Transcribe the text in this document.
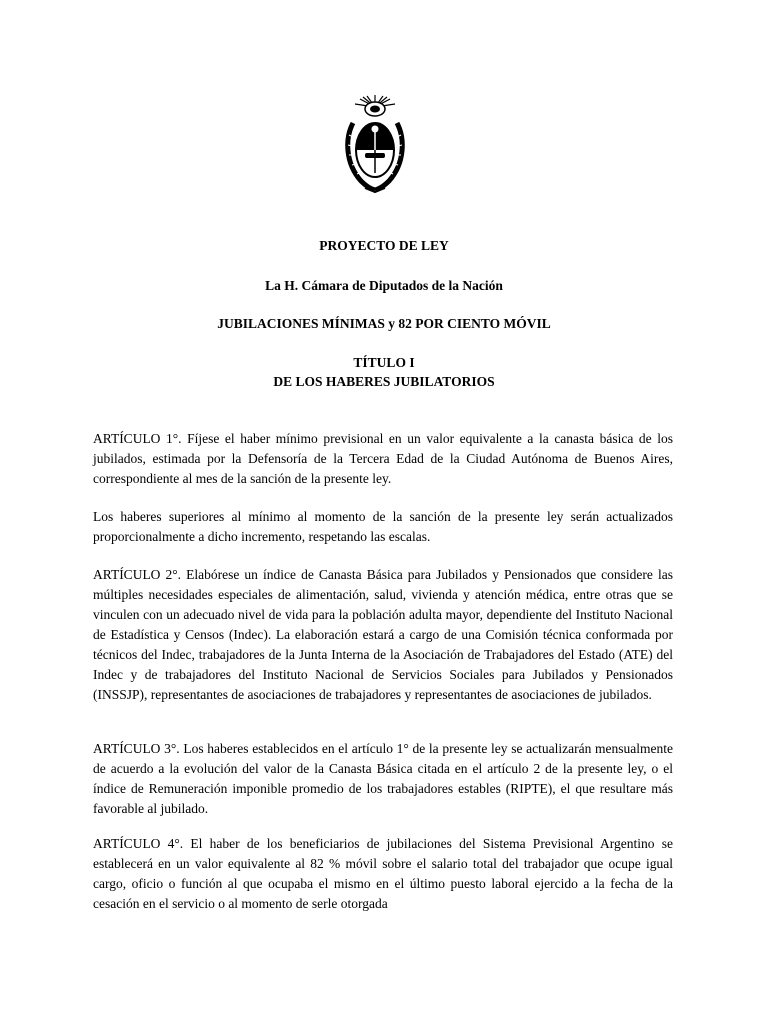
PROYECTO DE LEY

La H. Cámara de Diputados de la Nación

JUBILACIONES MÍNIMAS y 82 POR CIENTO MÓVIL

TÍTULO I

DE LOS HABERES JUBILATORIOS

ARTÍCULO 1°. Fíjese el haber mínimo previsional en un valor equivalente a la canasta básica de los jubilados, estimada por la Defensoría de la Tercera Edad de la Ciudad Autónoma de Buenos Aires, correspondiente al mes de la sanción de la presente ley.

Los haberes superiores al mínimo al momento de la sanción de la presente ley serán actualizados proporcionalmente a dicho incremento, respetando las escalas.

ARTÍCULO 2°. Elabórese un índice de Canasta Básica para Jubilados y Pensionados que considere las múltiples necesidades especiales de alimentación, salud, vivienda y atención médica, entre otras que se vinculen con un adecuado nivel de vida para la población adulta mayor, dependiente del Instituto Nacional de Estadística y Censos (Indec). La elaboración estará a cargo de una Comisión técnica conformada por técnicos del Indec, trabajadores de la Junta Interna de la Asociación de Trabajadores del Estado (ATE) del Indec y de trabajadores del Instituto Nacional de Servicios Sociales para Jubilados y Pensionados (INSSJP), representantes de asociaciones de trabajadores y representantes de asociaciones de jubilados.

ARTÍCULO 3°. Los haberes establecidos en el artículo 1° de la presente ley se actualizarán mensualmente de acuerdo a la evolución del valor de la Canasta Básica citada en el artículo 2 de la presente ley, o el índice de Remuneración imponible promedio de los trabajadores estables (RIPTE), el que resultare más favorable al jubilado.

ARTÍCULO 4°. El haber de los beneficiarios de jubilaciones del Sistema Previsional Argentino se establecerá en un valor equivalente al 82 % móvil sobre el salario total del trabajador que ocupe igual cargo, oficio o función al que ocupaba el mismo en el último puesto laboral ejercido a la fecha de la cesación en el servicio o al momento de serle otorgada
